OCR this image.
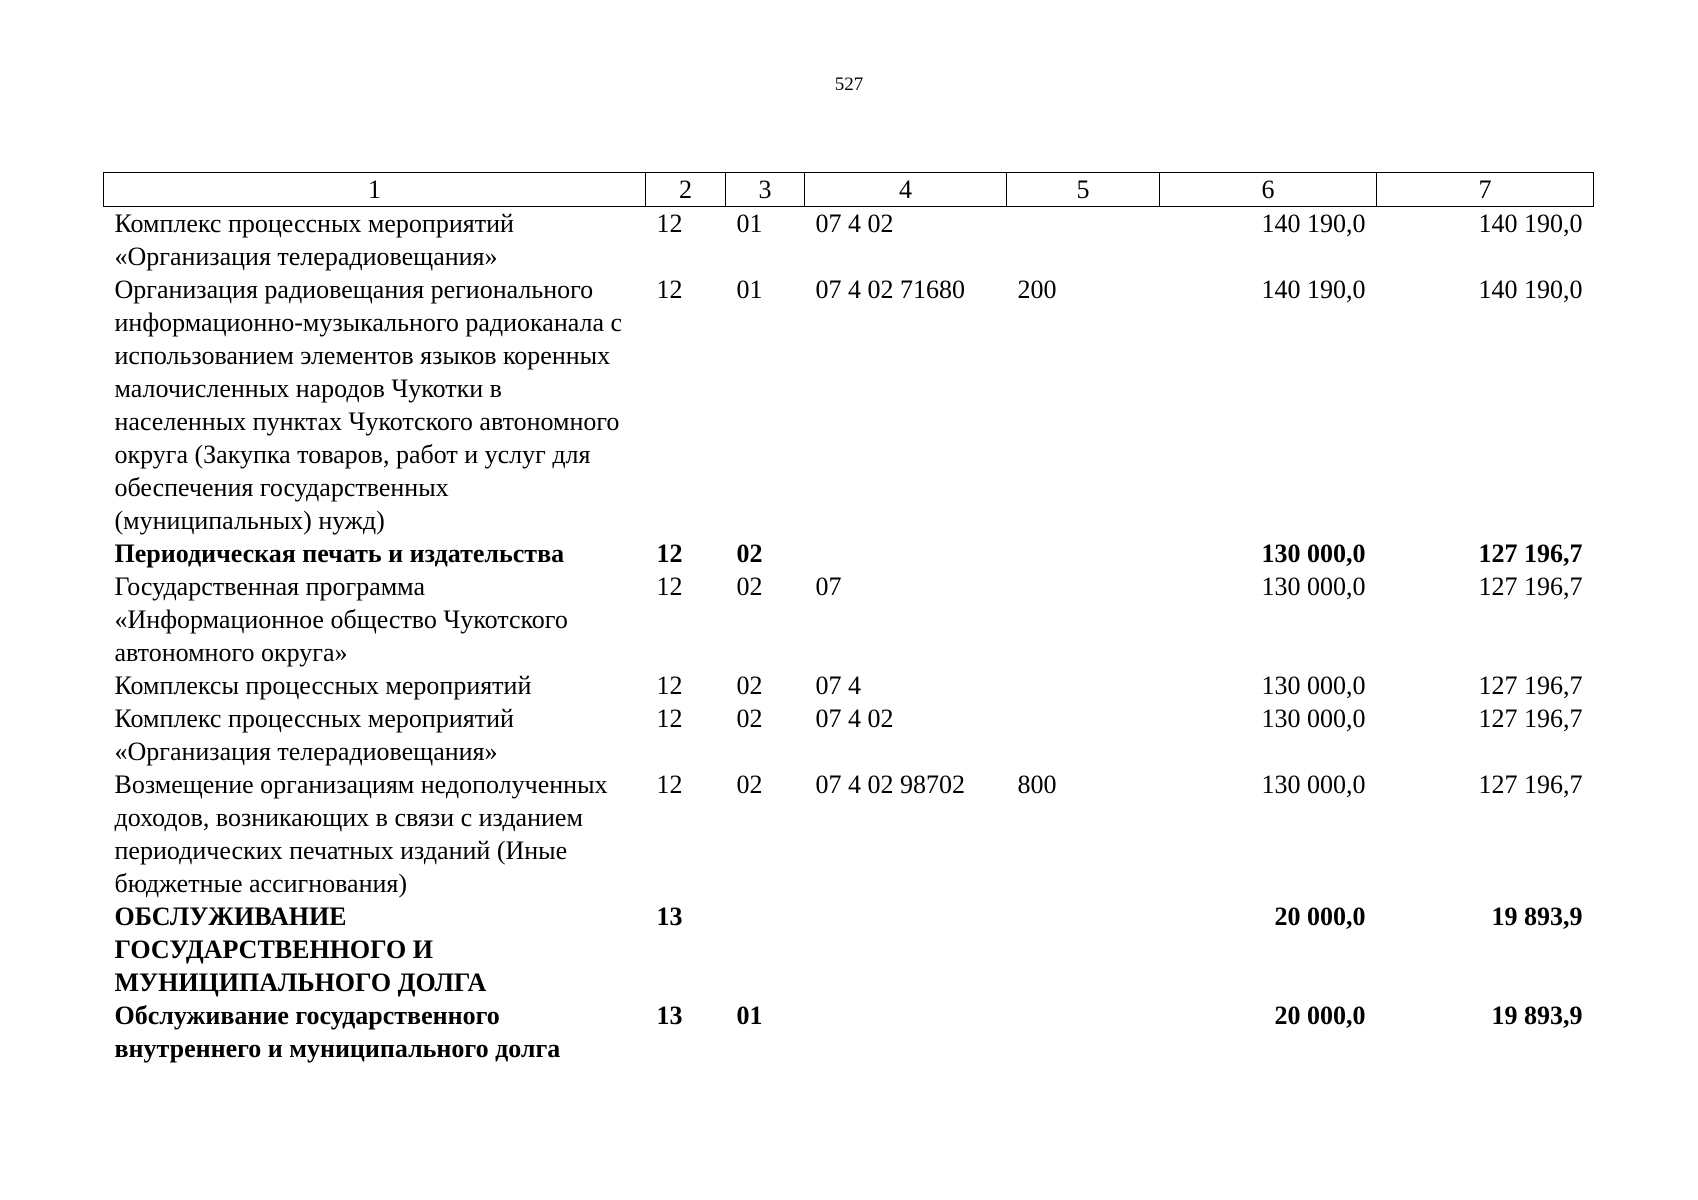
527
1	2	3	4	5	6	7
Комплекс процессных мероприятий «Организация телерадиовещания»	12	01	07 4 02		140 190,0	140 190,0
Организация радиовещания регионального информационно-музыкального радиоканала с использованием элементов языков коренных малочисленных народов Чукотки в населенных пунктах Чукотского автономного округа (Закупка товаров, работ и услуг для обеспечения государственных (муниципальных) нужд)	12	01	07 4 02 71680	200	140 190,0	140 190,0
Периодическая печать и издательства	12	02			130 000,0	127 196,7
Государственная программа «Информационное общество Чукотского автономного округа»	12	02	07		130 000,0	127 196,7
Комплексы процессных мероприятий	12	02	07 4		130 000,0	127 196,7
Комплекс процессных мероприятий «Организация телерадиовещания»	12	02	07 4 02		130 000,0	127 196,7
Возмещение организациям недополученных доходов, возникающих в связи с изданием периодических печатных изданий (Иные бюджетные ассигнования)	12	02	07 4 02 98702	800	130 000,0	127 196,7
ОБСЛУЖИВАНИЕ ГОСУДАРСТВЕННОГО И МУНИЦИПАЛЬНОГО ДОЛГА	13				20 000,0	19 893,9
Обслуживание государственного внутреннего и муниципального долга	13	01			20 000,0	19 893,9
